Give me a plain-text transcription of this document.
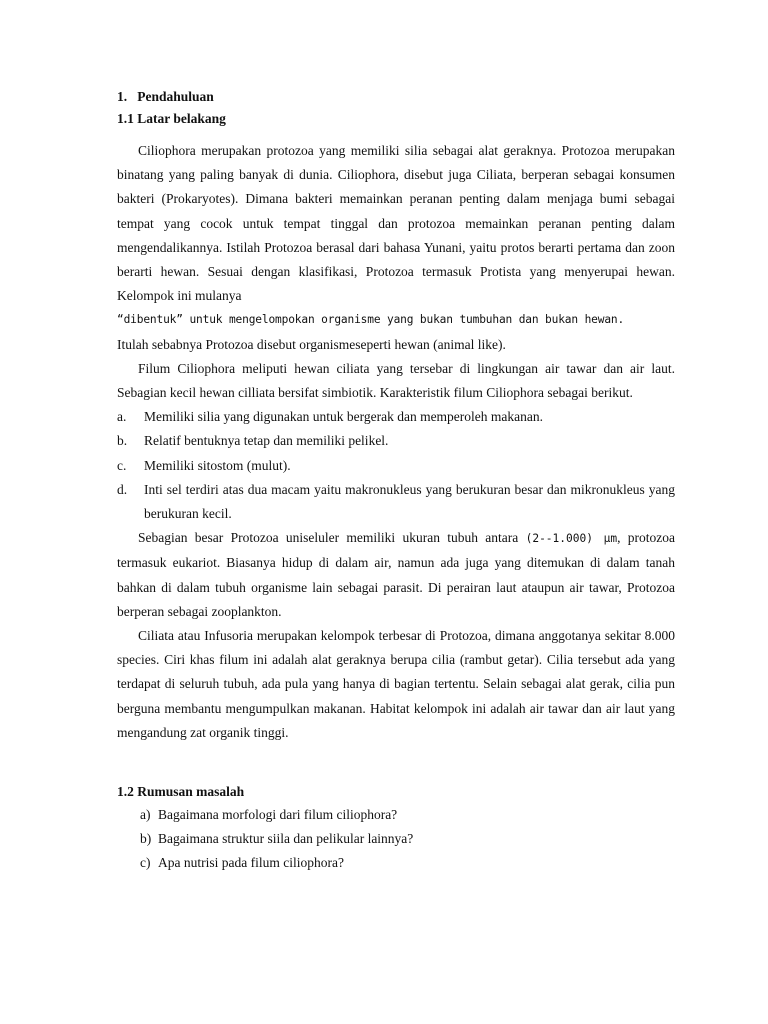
1.   Pendahuluan
1.1 Latar belakang

Ciliophora merupakan protozoa yang memiliki silia sebagai alat geraknya. Protozoa merupakan binatang yang paling banyak di dunia. Ciliophora, disebut juga Ciliata, berperan sebagai konsumen bakteri (Prokaryotes). Dimana bakteri memainkan peranan penting dalam menjaga bumi sebagai tempat yang cocok untuk tempat tinggal dan protozoa memainkan peranan penting dalam mengendalikannya. Istilah Protozoa berasal dari bahasa Yunani, yaitu protos berarti pertama dan zoon berarti hewan. Sesuai dengan klasifikasi, Protozoa termasuk Protista yang menyerupai hewan. Kelompok ini mulanya

“dibentuk” untuk mengelompokan organisme yang bukan tumbuhan dan bukan hewan.

Itulah sebabnya Protozoa disebut organismeseperti hewan (animal like).

Filum Ciliophora meliputi hewan ciliata yang tersebar di lingkungan air tawar dan air laut. Sebagian kecil hewan cilliata bersifat simbiotik. Karakteristik filum Ciliophora sebagai berikut.

a. Memiliki silia yang digunakan untuk bergerak dan memperoleh makanan.
b. Relatif bentuknya tetap dan memiliki pelikel.
c. Memiliki sitostom (mulut).
d. Inti sel terdiri atas dua macam yaitu makronukleus yang berukuran besar dan mikronukleus yang berukuran kecil.

Sebagian besar Protozoa uniseluler memiliki ukuran tubuh antara (2--1.000) μm, protozoa termasuk eukariot. Biasanya hidup di dalam air, namun ada juga yang ditemukan di dalam tanah bahkan di dalam tubuh organisme lain sebagai parasit. Di perairan laut ataupun air tawar, Protozoa berperan sebagai zooplankton.

Ciliata atau Infusoria merupakan kelompok terbesar di Protozoa, dimana anggotanya sekitar 8.000 species. Ciri khas filum ini adalah alat geraknya berupa cilia (rambut getar). Cilia tersebut ada yang terdapat di seluruh tubuh, ada pula yang hanya di bagian tertentu. Selain sebagai alat gerak, cilia pun berguna membantu mengumpulkan makanan. Habitat kelompok ini adalah air tawar dan air laut yang mengandung zat organik tinggi.

1.2 Rumusan masalah
a) Bagaimana morfologi dari filum ciliophora?
b) Bagaimana struktur siila dan pelikular lainnya?
c) Apa nutrisi pada filum ciliophora?
